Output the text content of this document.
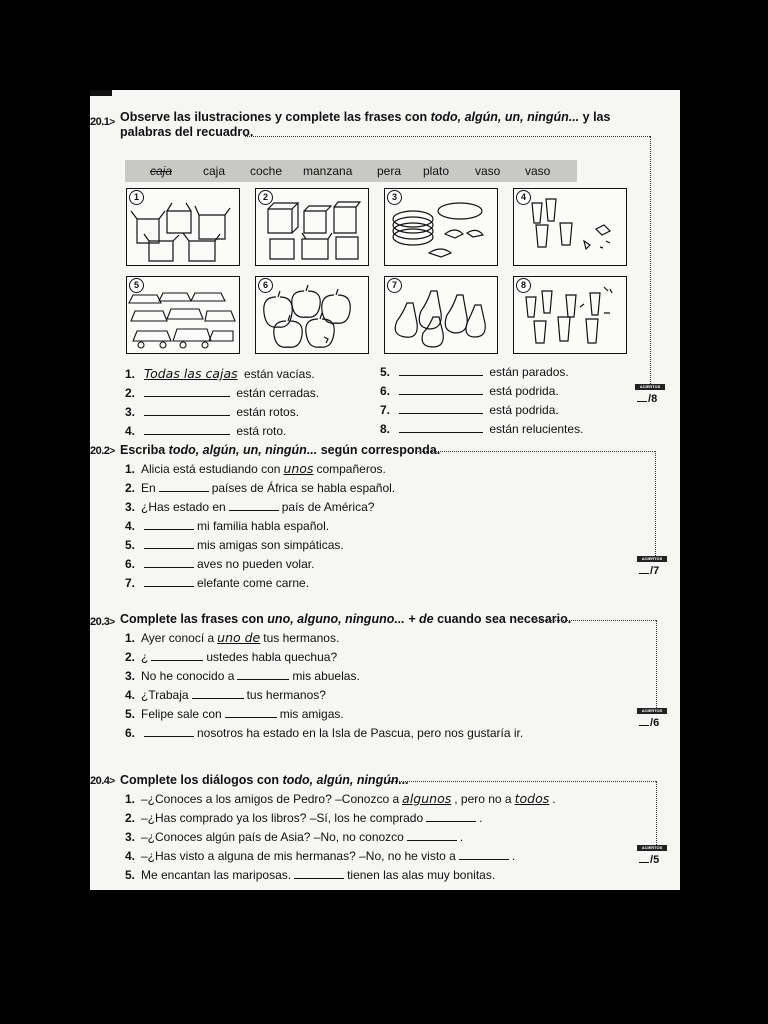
20.1> Observe las ilustraciones y complete las frases con todo, algún, un, ningún... y las
palabras del recuadro.
caja	caja coche manzana pera plato vaso vaso
1	2	3	4
5	6	7	8
1. Todas las cajas están vacías.
2.	están cerradas.
3.	están rotos.
4.	está roto.
5.	están parados.
6.	está podrida.
7.	está podrida.
8.	están relucientes.
ACIERTOS
/8
20.2> Escriba todo, algún, un, ningún... según corresponda.
1. Alicia está estudiando con unos compañeros.
2. En	países de África se habla español.
3. ¿Has estado en	país de América?
4.	mi familia habla español.
5.	mis amigas son simpáticas.
6.	aves no pueden volar.
7.	elefante come carne.
ACIERTOS
/7
20.3> Complete las frases con uno, alguno, ninguno... + de cuando sea necesario.
1. Ayer conocí a uno de tus hermanos.
2. ¿	ustedes habla quechua?
3. No he conocido a	mis abuelas.
4. ¿Trabaja	tus hermanos?
5. Felipe sale con	mis amigas.
6.	nosotros ha estado en la Isla de Pascua, pero nos gustaría ir.
ACIERTOS
/6
20.4> Complete los diálogos con todo, algún, ningún...
1. –¿Conoces a los amigos de Pedro? –Conozco a algunos , pero no a todos .
2. –¿Has comprado ya los libros? –Sí, los he comprado	.
3. –¿Conoces algún país de Asia? –No, no conozco	.
4. –¿Has visto a alguna de mis hermanas? –No, no he visto a	.
5. Me encantan las mariposas.	tienen las alas muy bonitas.
ACIERTOS
/5
